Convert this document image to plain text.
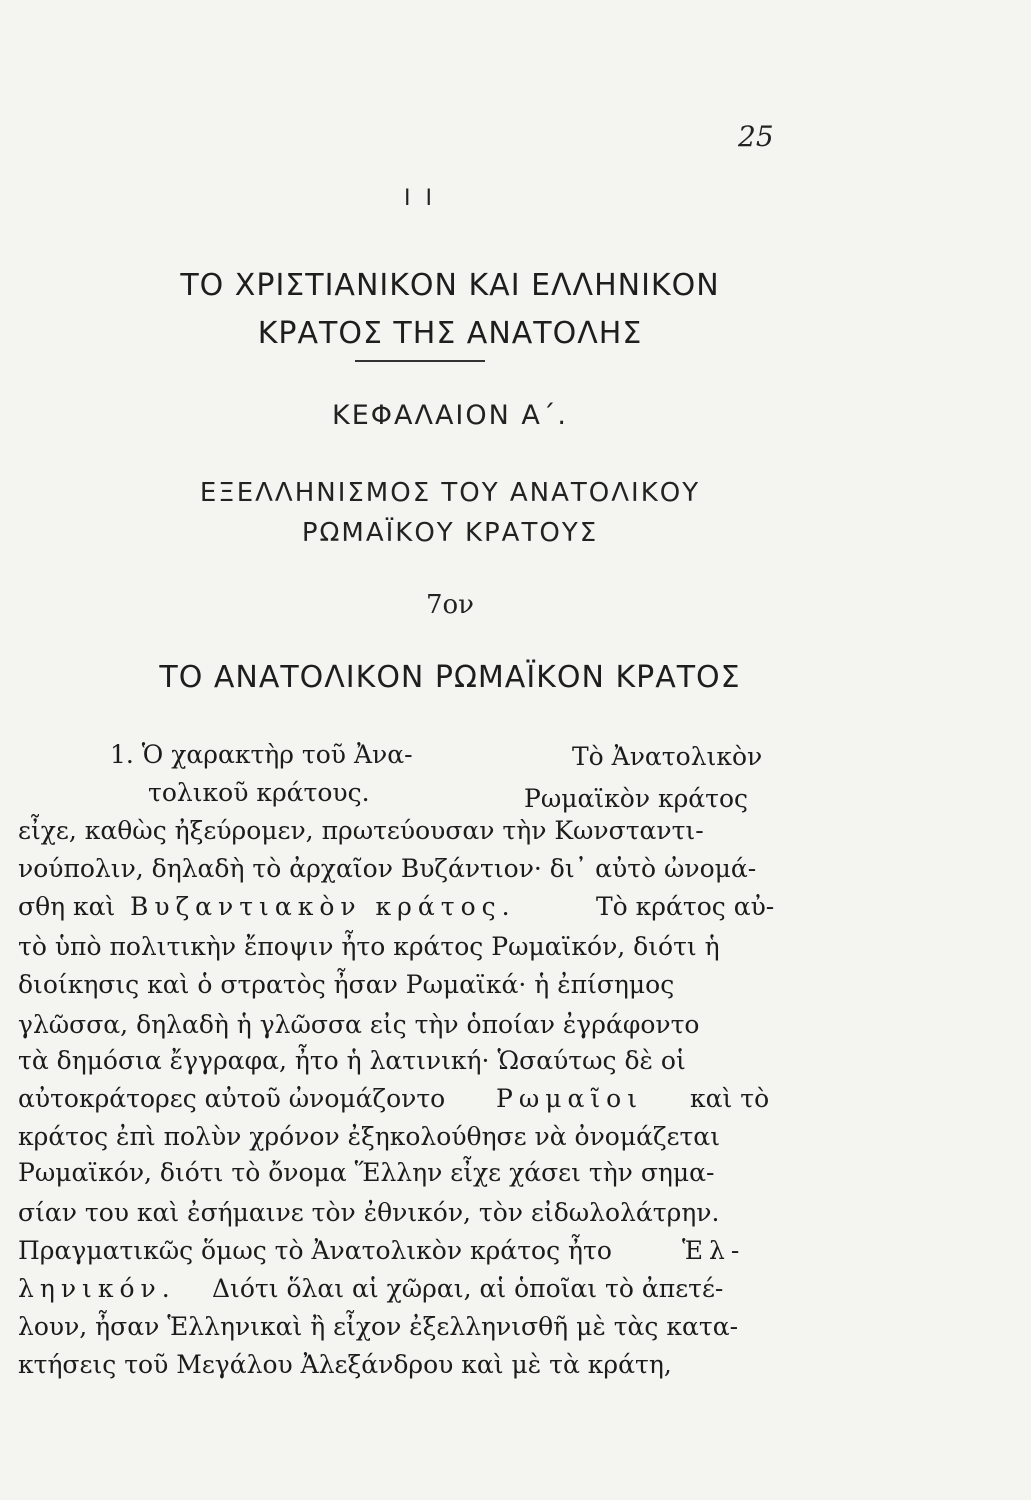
25
I I
ΤΟ ΧΡΙΣΤΙΑΝΙΚΟΝ ΚΑΙ ΕΛΛΗΝΙΚΟΝ
ΚΡΑΤΟΣ ΤΗΣ ΑΝΑΤΟΛΗΣ
ΚΕΦΑΛΑΙΟΝ Α΄.
ΕΞΕΛΛΗΝΙΣΜΟΣ ΤΟΥ ΑΝΑΤΟΛΙΚΟΥ
ΡΩΜΑΪΚΟΥ ΚΡΑΤΟΥΣ
7ον
ΤΟ ΑΝΑΤΟΛΙΚΟΝ ΡΩΜΑΪΚΟΝ ΚΡΑΤΟΣ
1. Ὁ χαρακτὴρ τοῦ Ἀνα-
τολικοῦ κράτους.
Τὸ Ἀνατολικὸν
Ρωμαϊκὸν κράτος
εἶχε, καθὼς ἠξεύρομεν, πρωτεύουσαν τὴν Κωνσταντι-
νούπολιν, δηλαδὴ τὸ ἀρχαῖον Βυζάντιον· δι᾿ αὐτὸ ὠνομά-
σθη καὶ Βυζαντιακὸν κράτος.	Τὸ κράτος αὐ-
τὸ ὑπὸ πολιτικὴν ἔποψιν ἦτο κράτος Ρωμαϊκόν, διότι ἡ
διοίκησις καὶ ὁ στρατὸς ἦσαν Ρωμαϊκά· ἡ ἐπίσημος
γλῶσσα, δηλαδὴ ἡ γλῶσσα εἰς τὴν ὁποίαν ἐγράφοντο
τὰ δημόσια ἔγγραφα, ἦτο ἡ λατινική· Ὡσαύτως δὲ οἱ
αὐτοκράτορες αὐτοῦ ὠνομάζοντο Ρωμαῖοι καὶ τὸ
κράτος ἐπὶ πολὺν χρόνον ἐξηκολούθησε νὰ ὀνομάζεται
Ρωμαϊκόν, διότι τὸ ὄνομα Ἕλλην εἶχε χάσει τὴν σημα-
σίαν του καὶ ἐσήμαινε τὸν ἐθνικόν, τὸν εἰδωλολάτρην.
Πραγματικῶς ὅμως τὸ Ἀνατολικὸν κράτος ἦτο	Ἑλ-
ληνικόν. Διότι ὅλαι αἱ χῶραι, αἱ ὁποῖαι τὸ ἀπετέ-
λουν, ἦσαν Ἑλληνικαὶ ἢ εἶχον ἐξελληνισθῆ μὲ τὰς κατα-
κτήσεις τοῦ Μεγάλου Ἀλεξάνδρου καὶ μὲ τὰ κράτη,
